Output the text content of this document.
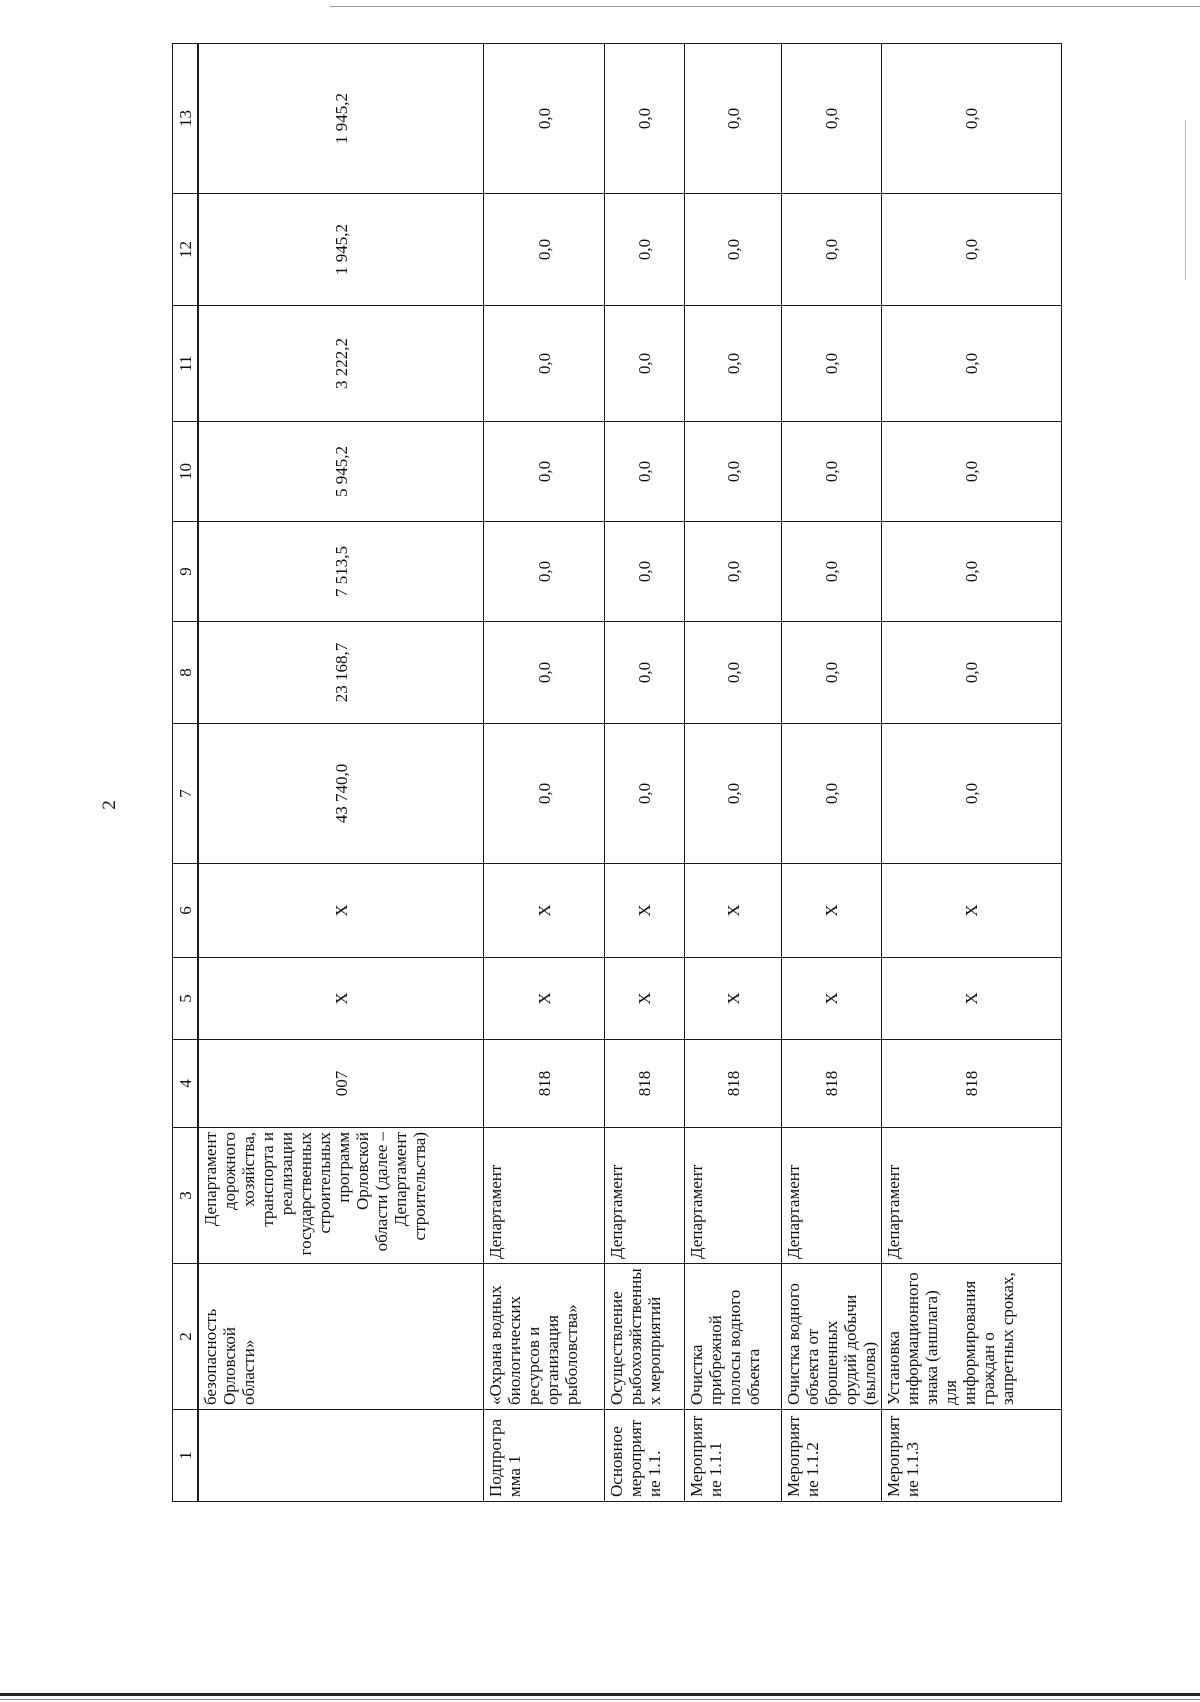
2
1	2	3	4	5	6	7	8	9	10	11	12	13
	безопасность Орловской области»	Департамент дорожного хозяйства, транспорта и реализации государственных строительных программ Орловской области (далее – Департамент строительства)	007	Х	Х	43 740,0	23 168,7	7 513,5	5 945,2	3 222,2	1 945,2	1 945,2
Подпрограмма 1	«Охрана водных биологических ресурсов и организация рыболовства»	Департамент	818	Х	Х	0,0	0,0	0,0	0,0	0,0	0,0	0,0
Основное мероприятие 1.1.	Осуществление рыбохозяйственных мероприятий	Департамент	818	Х	Х	0,0	0,0	0,0	0,0	0,0	0,0	0,0
Мероприятие 1.1.1	Очистка прибрежной полосы водного объекта	Департамент	818	Х	Х	0,0	0,0	0,0	0,0	0,0	0,0	0,0
Мероприятие 1.1.2	Очистка водного объекта от брошенных орудий добычи (вылова)	Департамент	818	Х	Х	0,0	0,0	0,0	0,0	0,0	0,0	0,0
Мероприятие 1.1.3	Установка информационного знака (аншлага) для информирования граждан о запретных сроках,	Департамент	818	Х	Х	0,0	0,0	0,0	0,0	0,0	0,0	0,0
